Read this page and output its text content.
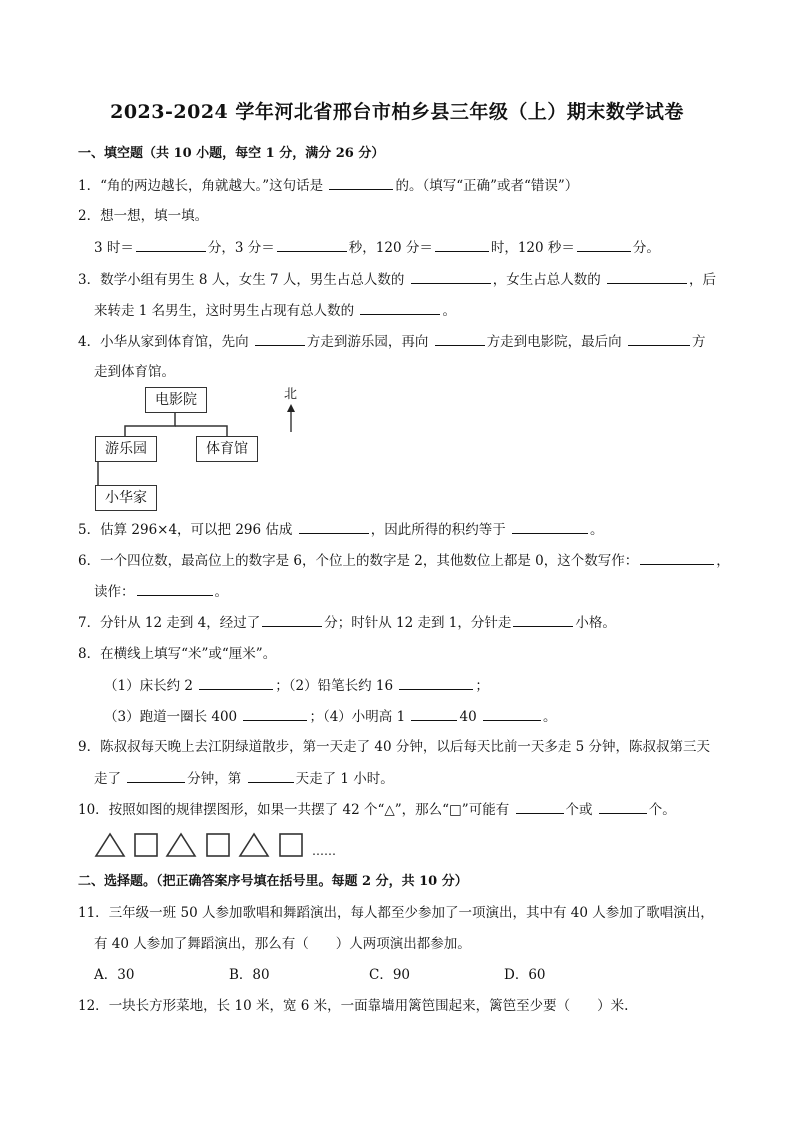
2023-2024 学年河北省邢台市柏乡县三年级（上）期末数学试卷
一、填空题（共 10 小题，每空 1 分，满分 26 分）
1．“角的两边越长，角就越大。”这句话是	的。（填写“正确”或者“错误”）
2．想一想，填一填。
3 时＝	分，3 分＝	秒，120 分＝	时，120 秒＝	分。
3．数学小组有男生 8 人，女生 7 人，男生占总人数的	，女生占总人数的	，后
来转走 1 名男生，这时男生占现有总人数的	。
4．小华从家到体育馆，先向	方走到游乐园，再向	方走到电影院，最后向	方
走到体育馆。
电影院
游乐园	体育馆
小华家
北
5．估算 296×4，可以把 296 估成	，因此所得的积约等于	。
6．一个四位数，最高位上的数字是 6，个位上的数字是 2，其他数位上都是 0，这个数写作：	，
读作：	。
7．分针从 12 走到 4，经过了	分；时针从 12 走到 1，分针走	小格。
8．在横线上填写“米”或“厘米”。
（1）床长约 2	；（2）铅笔长约 16	；
（3）跑道一圈长 400	；（4）小明高 1	40	。
9．陈叔叔每天晚上去江阴绿道散步，第一天走了 40 分钟，以后每天比前一天多走 5 分钟，陈叔叔第三天
走了	分钟，第	天走了 1 小时。
10．按照如图的规律摆图形，如果一共摆了 42 个“△”，那么“□”可能有	个或	个。
……
二、选择题。（把正确答案序号填在括号里。每题 2 分，共 10 分）
11．三年级一班 50 人参加歌唱和舞蹈演出，每人都至少参加了一项演出，其中有 40 人参加了歌唱演出，
有 40 人参加了舞蹈演出，那么有（　　）人两项演出都参加。
A．30	B．80	C．90	D．60
12．一块长方形菜地，长 10 米，宽 6 米，一面靠墙用篱笆围起来，篱笆至少要（　　）米.
